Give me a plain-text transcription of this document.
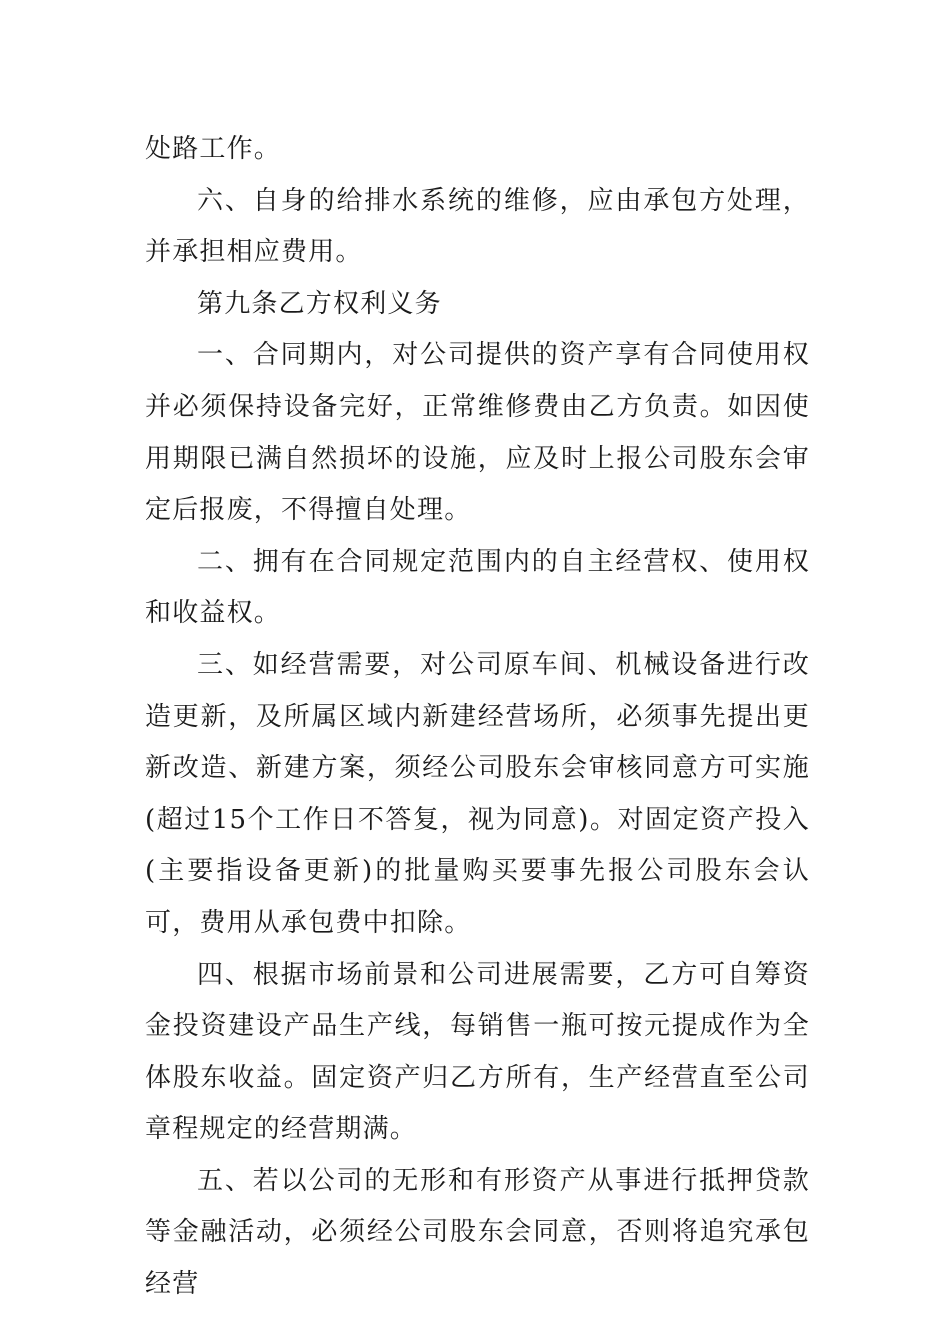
处路工作。

六、自身的给排水系统的维修，应由承包方处理，并承担相应费用。

第九条乙方权利义务

一、合同期内，对公司提供的资产享有合同使用权并必须保持设备完好，正常维修费由乙方负责。如因使用期限已满自然损坏的设施，应及时上报公司股东会审定后报废，不得擅自处理。

二、拥有在合同规定范围内的自主经营权、使用权和收益权。

三、如经营需要，对公司原车间、机械设备进行改造更新，及所属区域内新建经营场所，必须事先提出更新改造、新建方案，须经公司股东会审核同意方可实施(超过15个工作日不答复，视为同意)。对固定资产投入(主要指设备更新)的批量购买要事先报公司股东会认可，费用从承包费中扣除。

四、根据市场前景和公司进展需要，乙方可自筹资金投资建设产品生产线，每销售一瓶可按元提成作为全体股东收益。固定资产归乙方所有，生产经营直至公司章程规定的经营期满。

五、若以公司的无形和有形资产从事进行抵押贷款等金融活动，必须经公司股东会同意，否则将追究承包经营
